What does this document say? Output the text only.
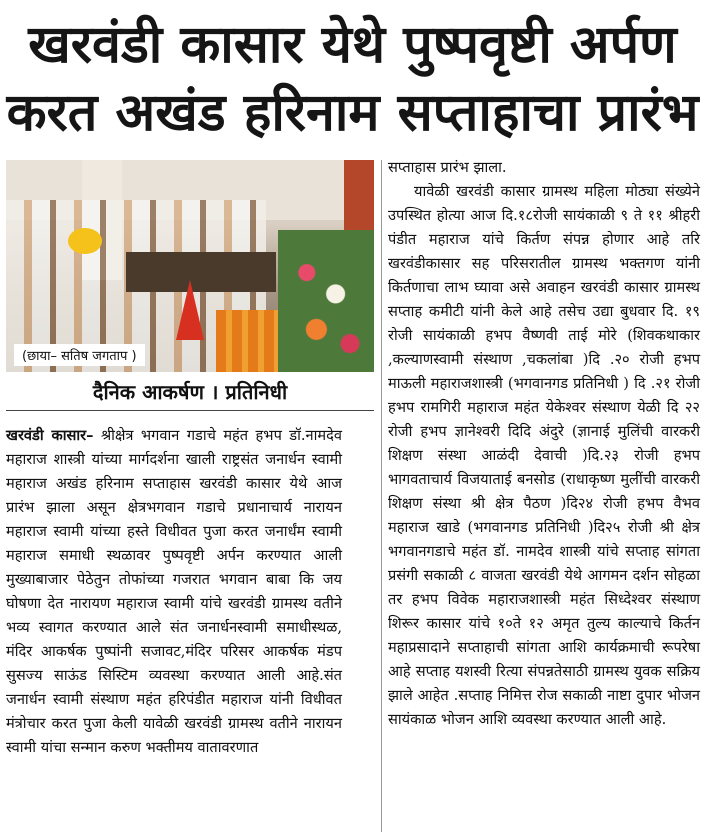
खरवंडी कासार येथे पुष्पवृष्टी अर्पण
करत अखंड हरिनाम सप्ताहाचा प्रारंभ
(छाया– सतिष जगताप )
दैनिक आकर्षण । प्रतिनिधी

खरवंडी कासार– श्रीक्षेत्र भगवान गडाचे महंत हभप डॉ.नामदेव महाराज शास्त्री यांच्या मार्गदर्शना खाली राष्ट्रसंत जनार्धन स्वामी महाराज अखंड हरिनाम सप्ताहास खरवंडी कासार येथे आज प्रारंभ झाला असून क्षेत्रभगवान गडाचे प्रधानाचार्य नारायन महाराज स्वामी यांच्या हस्ते विधीवत पुजा करत जनार्धंम स्वामी महाराज समाधी स्थळावर पुष्पवृष्टी अर्पन करण्यात आली मुख्याबाजार पेठेतुन तोफांच्या गजरात भगवान बाबा कि जय घोषणा देत नारायण महाराज स्वामी यांचे खरवंडी ग्रामस्थ वतीने भव्य स्वागत करण्यात आले संत जनार्धनस्वामी समाधीस्थळ, मंदिर आकर्षक पुष्पांनी सजावट,मंदिर परिसर आकर्षक मंडप सुसज्य साऊंड सिस्टिम व्यवस्था करण्यात आली आहे.संत जनार्धन स्वामी संस्थाण महंत हरिपंडीत महाराज यांनी विधीवत मंत्रोचार करत पुजा केली यावेळी खरवंडी ग्रामस्थ वतीने नारायन स्वामी यांचा सन्मान करुण भक्तीमय वातावरणात

सप्ताहास प्रारंभ झाला.

यावेळी खरवंडी कासार ग्रामस्थ महिला मोठ्या संख्येने उपस्थित होत्या आज दि.१८रोजी सायंकाळी ९ ते ११ श्रीहरी पंडीत महाराज यांचे किर्तण संपन्न होणार आहे तरि खरवंडीकासार सह परिसरातील ग्रामस्थ भक्तगण यांनी किर्तणाचा लाभ घ्यावा असे अवाहन खरवंडी कासार ग्रामस्थ सप्ताह कमीटी यांनी केले आहे तसेच उद्या बुधवार दि. १९ रोजी सायंकाळी हभप वैष्णवी ताई मोरे (शिवकथाकार ,कल्याणस्वामी संस्थाण ,चकलांबा )दि .२० रोजी हभप माऊली महाराजशास्त्री (भगवानगड प्रतिनिधी ) दि .२१ रोजी हभप रामगिरी महाराज महंत येकेश्वर संस्थाण येळी दि २२ रोजी हभप ज्ञानेश्वरी दिदि अंदुरे (ज्ञानाई मुलिंची वारकरी शिक्षण संस्था आळंदी देवाची )दि.२३ रोजी हभप भागवताचार्य विजयाताई बनसोड (राधाकृष्ण मुलींची वारकरी शिक्षण संस्था श्री क्षेत्र पैठण )दि२४ रोजी हभप वैभव महाराज खाडे (भगवानगड प्रतिनिधी )दि२५ रोजी श्री क्षेत्र भगवानगडाचे महंत डॉ. नामदेव शास्त्री यांचे सप्ताह सांगता प्रसंगी सकाळी ८ वाजता खरवंडी येथे आगमन दर्शन सोहळा तर हभप विवेक महाराजशास्त्री महंत सिध्देश्वर संस्थाण शिरूर कासार यांचे १०ते १२ अमृत तुल्य काल्याचे किर्तन महाप्रसादाने सप्ताहाची सांगता आशि कार्यक्रमाची रूपरेषा आहे सप्ताह यशस्वी रित्या संपन्नतेसाठी ग्रामस्थ युवक सक्रिय झाले आहेत .सप्ताह निमित्त रोज सकाळी नाष्टा दुपार भोजन सायंकाळ भोजन आशि व्यवस्था करण्यात आली आहे.
